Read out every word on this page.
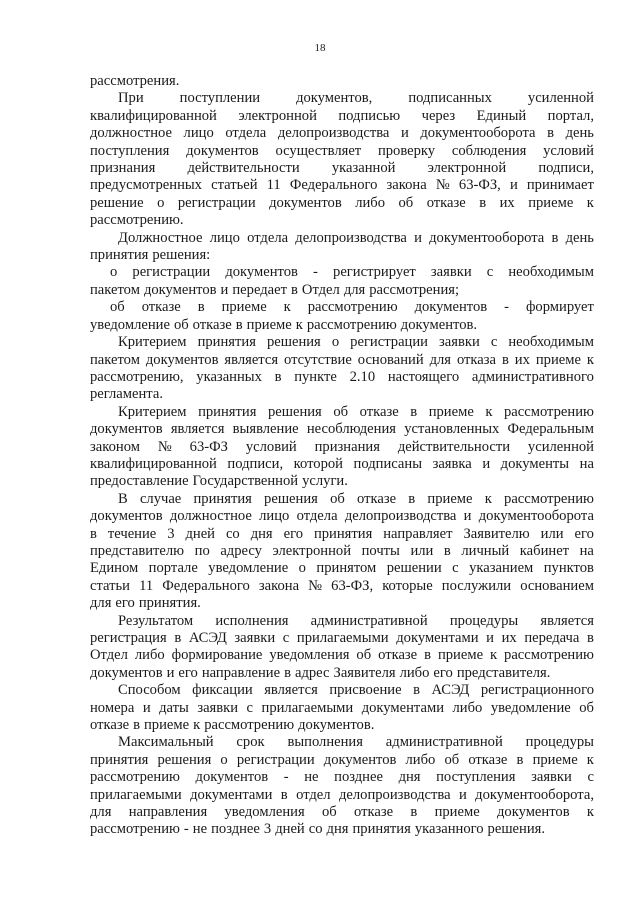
18
рассмотрения.
При поступлении документов, подписанных усиленной
квалифицированной электронной подписью через Единый портал,
должностное лицо отдела делопроизводства и документооборота в день
поступления документов осуществляет проверку соблюдения условий
признания действительности указанной электронной подписи,
предусмотренных статьей 11 Федерального закона № 63-ФЗ, и принимает
решение о регистрации документов либо об отказе в их приеме к
рассмотрению.
Должностное лицо отдела делопроизводства и документооборота в день
принятия решения:
о регистрации документов - регистрирует заявки с необходимым
пакетом документов и передает в Отдел для рассмотрения;
об отказе в приеме к рассмотрению документов - формирует
уведомление об отказе в приеме к рассмотрению документов.
Критерием принятия решения о регистрации заявки с необходимым
пакетом документов является отсутствие оснований для отказа в их приеме к
рассмотрению, указанных в пункте 2.10 настоящего административного
регламента.
Критерием принятия решения об отказе в приеме к рассмотрению
документов является выявление несоблюдения установленных Федеральным
законом № 63-ФЗ условий признания действительности усиленной
квалифицированной подписи, которой подписаны заявка и документы на
предоставление Государственной услуги.
В случае принятия решения об отказе в приеме к рассмотрению
документов должностное лицо отдела делопроизводства и документооборота
в течение 3 дней со дня его принятия направляет Заявителю или его
представителю по адресу электронной почты или в личный кабинет на
Едином портале уведомление о принятом решении с указанием пунктов
статьи 11 Федерального закона № 63-ФЗ, которые послужили основанием
для его принятия.
Результатом исполнения административной процедуры является
регистрация в АСЭД заявки с прилагаемыми документами и их передача в
Отдел либо формирование уведомления об отказе в приеме к рассмотрению
документов и его направление в адрес Заявителя либо его представителя.
Способом фиксации является присвоение в АСЭД регистрационного
номера и даты заявки с прилагаемыми документами либо уведомление об
отказе в приеме к рассмотрению документов.
Максимальный срок выполнения административной процедуры
принятия решения о регистрации документов либо об отказе в приеме к
рассмотрению документов - не позднее дня поступления заявки с
прилагаемыми документами в отдел делопроизводства и документооборота,
для направления уведомления об отказе в приеме документов к
рассмотрению - не позднее 3 дней со дня принятия указанного решения.
